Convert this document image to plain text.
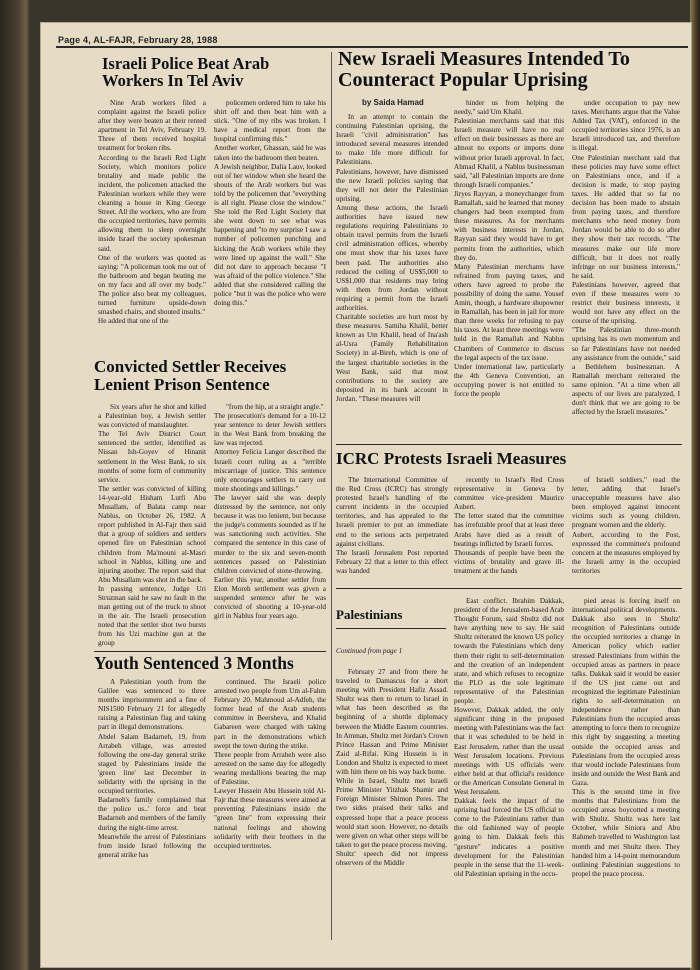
Page 4, AL-FAJR, February 28, 1988
Israeli Police Beat Arab Workers In Tel Aviv

Nine Arab workers filed a complaint against the Israeli police after they were beaten at their rented apartment in Tel Aviv, February 19. Three of them received hospital treatment for broken ribs.
According to the Israeli Red Light Society, which monitors police brutality and made public the incident, the policemen attacked the Palestinian workers while they were cleaning a house in King George Street. All the workers, who are from the occupied territories, have permits allowing them to sleep overnight inside Israel the society spokesman said.
One of the workers was quoted as saying: "A policeman took me out of the bathroom and began beating me on my face and all over my body." The police also beat my colleagues, turned furniture upside-down smashed chairs, and shouted insults."
He added that one of the

policemen ordered him to take his shirt off and then beat him with a stick. "One of my ribs was broken. I have a medical report from the hospital confirming this."
Another worker, Ghassan, said he was taken into the bathroom then beaten.
A Jewish neighbor, Dalia Lauv, looked out of her window when she heard the shouts of the Arab workers but was told by the policemen that "everything is all right. Please close the window." She told the Red Light Society that she went down to see what was happening and "to my surprise I saw a number of policemen punching and kicking the Arab workers while they were lined up against the wall." She did not dare to approach because "I was afraid of the police violence." She added that she considered calling the police "but it was the police who were doing this."

Convicted Settler Receives Lenient Prison Sentence

Six years after he shot and killed a Palestinian boy, a Jewish settler was convicted of manslaughter.
The Tel Aviv District Court sentenced the settler, identified as Nissan Ish-Goyev of Hinanit settlement in the West Bank, to six months of some form of community service.
The settler was convicted of killing 14-year-old Hisham Lutfi Abu Musallam, of Balata camp near Nablus, on October 26, 1982. A report published in Al-Fajr then said that a group of soldiers and settlers opened fire on Palestinian school children from Ma'mouni al-Masri school in Nablus, killing one and injuring another. The report said that Abu Musallam was shot in the back.
In passing sentence, Judge Uri Struzman said he saw no fault in the man getting out of the truck to shoot in the air. The Israeli prosecution noted that the settler shot two bursts from his Uzi machine gun at the group

"from the hip, at a straight angle."
The prosecution's demand for a 10-12 year sentence to deter Jewish settlers in the West Bank from breaking the law was rejected.
Attorney Felicia Langer described the Israeli court ruling as a "terrible miscarriage of justice. This sentence only encourages settlers to carry out more shootings and killings."
The lawyer said she was deeply distressed by the sentence, not only because it was too lenient, but because the judge's comments sounded as if he was sanctioning such activities. She compared the sentence in this case of murder to the six and seven-month sentences passed on Palestinian children convicted of stone-throwing.
Earlier this year, another settler from Elon Moreh settlement was given a suspended sentence after he was convicted of shooting a 10-year-old girl in Nablus four years ago.

Youth Sentenced 3 Months

A Palestinian youth from the Galilee was sentenced to three months imprisonment and a fine of NIS1500 February 21 for allegedly raising a Palestinian flag and taking part in illegal demonstrations.
Abdel Salam Badarneh, 19, from Arrabeh village, was arrested following the one-day general strike staged by Palestinians inside the 'green line' last December in solidarity with the uprising in the occupied territories.
Badarneh's family complained that the police us..' force and beat Badarneh and members of the family during the night-time arrest.
Meanwhile the arrest of Palestinians from inside Israel following the general strike has

continued. The Israeli police arrested two people from Um al-Fahm February 20. Mahmoud al-Adfeh, the former head of the Arab students committee in Beersheva, and Khalid Gabareen were charged with taking part in the demonstrations which swept the town during the strike.
Three people from Arrabeh were also arrested on the same day for allegedly wearing medallions bearing the map of Palestine.
Lawyer Hussein Abu Hussein told Al-Fajr that these measures were aimed at preventing Palestinians inside the "green line" from expressing their national feelings and showing solidarity with their brothers in the occupied territories.

New Israeli Measures Intended To Counteract Popular Uprising
by Saida Hamad

In an attempt to contain the continuing Palestinian uprising, the Israeli "civil administration" has introduced several measures intended to make life more difficult for Palestinians.
Palestinians, however, have dismissed the new Israeli policies saying that they will not deter the Palestinian uprising.
Among these actions, the Israeli authorities have issued new regulations requiring Palestinians to obtain travel permits from the Israeli civil administration offices, whereby one must show that his taxes have been paid. The authorities also reduced the ceiling of US$5,000 to US$1,000 that residents may bring with them from Jordan without requiring a permit from the Israeli authorities.
Charitable societies are hurt most by these measures. Samiha Khalil, better known as Um Khalil, head of Ina'ash al-Usra (Family Rehabilitation Society) in al-Bireh, which is one of the largest charitable societies in the West Bank, said that most contributions to the society are deposited in its bank account in Jordan. "These measures will

hinder us from helping the needy," said Um Khalil.
Palestinian merchants said that this Israeli measure will have no real effect on their businesses as there are almost no exports or imports done without prior Israeli approval. In fact, Ahmad Khalil, a Nablus businessman said, "all Palestinian imports are done through Israeli companies."
Jiryes Rayyan, a moneychanger from Ramallah, said he learned that money changers had been exempted from these measures. As for merchants with business interests in Jordan, Rayyan said they would have to get permits from the authorities, which they do.
Many Palestinian merchants have refrained from paying taxes, and others have agreed to probe the possibility of doing the same. Yousef Amin, though, a hardware shopowner in Ramallah, has been in jail for more than three weeks for refusing to pay his taxes. At least three meetings were held in the Ramallah and Nablus Chambers of Commerce to discuss the legal aspects of the tax issue.
Under international law, particularly the 4th Geneva Convention, an occupying power is not entitled to force the people

under occupation to pay new taxes. Merchants argue that the Value Added Tax (VAT), enforced in the occupied territories since 1976, is an Israeli introduced tax, and therefore is illegal.
One Palestinian merchant said that these policies may have some effect on Palestinians once, and if a decision is made, to stop paying taxes. He added that so far no decision has been made to abstain from paying taxes, and therefore merchants who need money from Jordan would be able to do so after they show their tax records. "The measures make our life more difficult, but it does not really infringe on our business interests," he said.
Palestinians however, agreed that even if these measures were to restrict their business interests, it would not have any effect on the course of the uprising.
"The Palestinian three-month uprising has its own momentum and so far Palestinians have not needed any assistance from the outside," said a Bethlehem businessman. A Ramallah merchant reiterated the same opinion. "At a time when all aspects of our lives are paralyzed, I don't think that we are going to be affected by the Israeli measures."

ICRC Protests Israeli Measures

The International Committee of the Red Cross (ICRC) has strongly protested Israel's handling of the current incidents in the occupied territories, and has appealed to the Israeli premier to put an immediate end to the serious acts perpetrated against civilians.
The Israeli Jerusalem Post reported February 22 that a letter to this effect was handed

recently to Israel's Red Cross representative in Geneva by committee vice-president Maurice Aubert.
The letter stated that the committee has irrefutable proof that at least three Arabs have died as a result of beatings inflicted by Israeli forces.
Thousands of people have been the victims of brutality and grave ill-treatment at the hands

of Israeli soldiers," read the letter, adding that Israel's unacceptable measures have also been employed against innocent victims such as young children, pregnant women and the elderly.
Aubert, according to the Post, expressed the committee's profound concern at the measures employed by the Israeli army in the occupied territories

Palestinians
Continued from page 1

February 27 and from there he traveled to Damascus for a short meeting with President Hafiz Assad. Shultz was then to return to Israel in what has been described as the beginning of a shuttle diplomacy between the Middle Eastern countries. In Amman, Shultz met Jordan's Crown Prince Hassan and Prime Minister Zaid al-Rifai. King Hussein is in London and Shultz is expected to meet with him there on his way back home.
While in Israel, Shultz met Israeli Prime Minister Yitzhak Shamir and Foreign Minister Shimon Peres. The two sides praised their talks and expressed hope that a peace process would start soon. However, no details were given on what other steps will be taken to get the peace process moving.
Shultz' speech did not impress observers of the Middle

East conflict. Ibrahim Dakkak, president of the Jerusalem-based Arab Thought Forum, said Shultz did not have anything new to say. He said Shultz reiterated the known US policy towards the Palestinians which deny them their right to self-determination and the creation of an independent state, and which refuses to recognize the PLO as the sole legitimate representative of the Palestinian people.
However, Dakkak added, the only significant thing in the proposed meeting with Palestinians was the fact that it was scheduled to be held in East Jerusalem, rather than the usual West Jerusalem locations. Previous meetings with US officials were either held at that official's residence or the American Consulate General in West Jerusalem.
Dakkak feels the impact of the uprising had forced the US official to come to the Palestinians rather than the old fashioned way of people going to him. Dakkak feels this "gesture" indicates a positive development for the Palestinian people in the sense that the 11-week-old Palestinian uprising in the occu-

pied areas is forcing itself on international political developments.
Dakkak also sees in Shultz' recognition of Palestinians outside the occupied territories a change in American policy which earlier stressed Palestinians from within the occupied areas as partners in peace talks. Dakkak said it would be easier if the US just came out and recognized the legitimate Palestinian rights to self-determination on independence rather than Palestinians from the occupied areas attempting to force them to recognize this right by suggesting a meeting outside the occupied areas and Palestinians from the occupied areas that would include Palestinians from inside and outside the West Bank and Gaza.
This is the second time in five months that Palestinians from the occupied areas boycotted a meeting with Shultz. Shultz was here last October, while Siniora and Abu Rahmeh travelled to Washington last month and met Shultz there. They handed him a 14-point memorandum outlining Palestinian suggestions to propel the peace process.
